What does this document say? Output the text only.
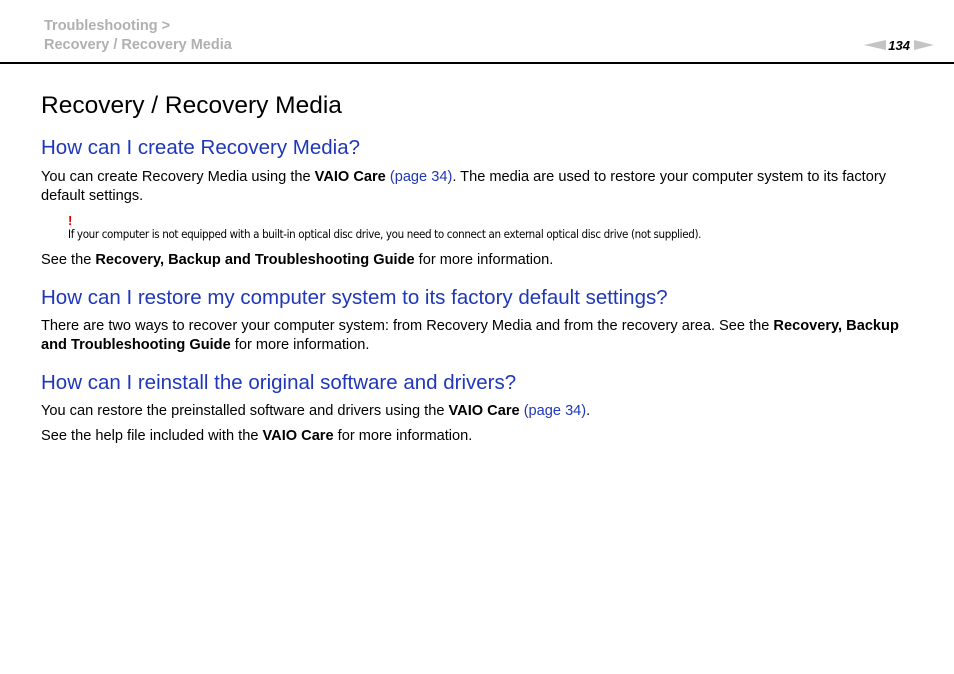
Troubleshooting >
Recovery / Recovery Media	134
Recovery / Recovery Media
How can I create Recovery Media?

You can create Recovery Media using the VAIO Care (page 34). The media are used to restore your computer system to its factory default settings.

!
If your computer is not equipped with a built-in optical disc drive, you need to connect an external optical disc drive (not supplied).

See the Recovery, Backup and Troubleshooting Guide for more information.

How can I restore my computer system to its factory default settings?

There are two ways to recover your computer system: from Recovery Media and from the recovery area. See the Recovery, Backup and Troubleshooting Guide for more information.

How can I reinstall the original software and drivers?

You can restore the preinstalled software and drivers using the VAIO Care (page 34).

See the help file included with the VAIO Care for more information.
